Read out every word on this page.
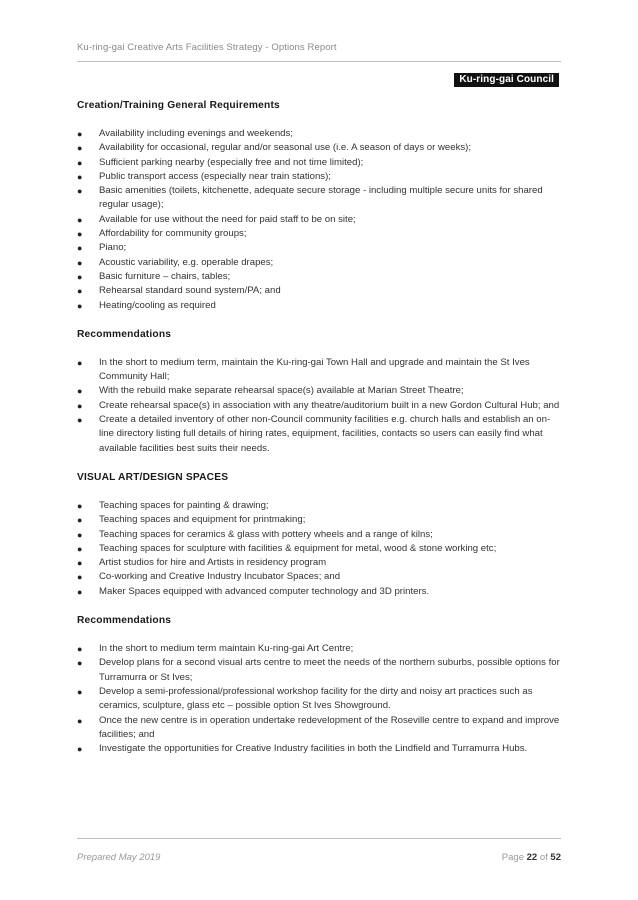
Ku-ring-gai Creative Arts Facilities Strategy - Options Report
Ku-ring-gai Council
Creation/Training General Requirements
● Availability including evenings and weekends;
● Availability for occasional, regular and/or seasonal use (i.e. A season of days or weeks);
● Sufficient parking nearby (especially free and not time limited);
● Public transport access (especially near train stations);
● Basic amenities (toilets, kitchenette, adequate secure storage - including multiple secure units for shared regular usage);
● Available for use without the need for paid staff to be on site;
● Affordability for community groups;
● Piano;
● Acoustic variability, e.g. operable drapes;
● Basic furniture – chairs, tables;
● Rehearsal standard sound system/PA; and
● Heating/cooling as required
Recommendations
● In the short to medium term, maintain the Ku-ring-gai Town Hall and upgrade and maintain the St Ives Community Hall;
● With the rebuild make separate rehearsal space(s) available at Marian Street Theatre;
● Create rehearsal space(s) in association with any theatre/auditorium built in a new Gordon Cultural Hub; and
● Create a detailed inventory of other non-Council community facilities e.g. church halls and establish an on-line directory listing full details of hiring rates, equipment, facilities, contacts so users can easily find what available facilities best suits their needs.
VISUAL ART/DESIGN SPACES
● Teaching spaces for painting & drawing;
● Teaching spaces and equipment for printmaking;
● Teaching spaces for ceramics & glass with pottery wheels and a range of kilns;
● Teaching spaces for sculpture with facilities & equipment for metal, wood & stone working etc;
● Artist studios for hire and Artists in residency program
● Co-working and Creative Industry Incubator Spaces; and
● Maker Spaces equipped with advanced computer technology and 3D printers.
Recommendations
● In the short to medium term maintain Ku-ring-gai Art Centre;
● Develop plans for a second visual arts centre to meet the needs of the northern suburbs, possible options for Turramurra or St Ives;
● Develop a semi-professional/professional workshop facility for the dirty and noisy art practices such as ceramics, sculpture, glass etc – possible option St Ives Showground.
● Once the new centre is in operation undertake redevelopment of the Roseville centre to expand and improve facilities; and
● Investigate the opportunities for Creative Industry facilities in both the Lindfield and Turramurra Hubs.
Prepared May 2019	Page 22 of 52
